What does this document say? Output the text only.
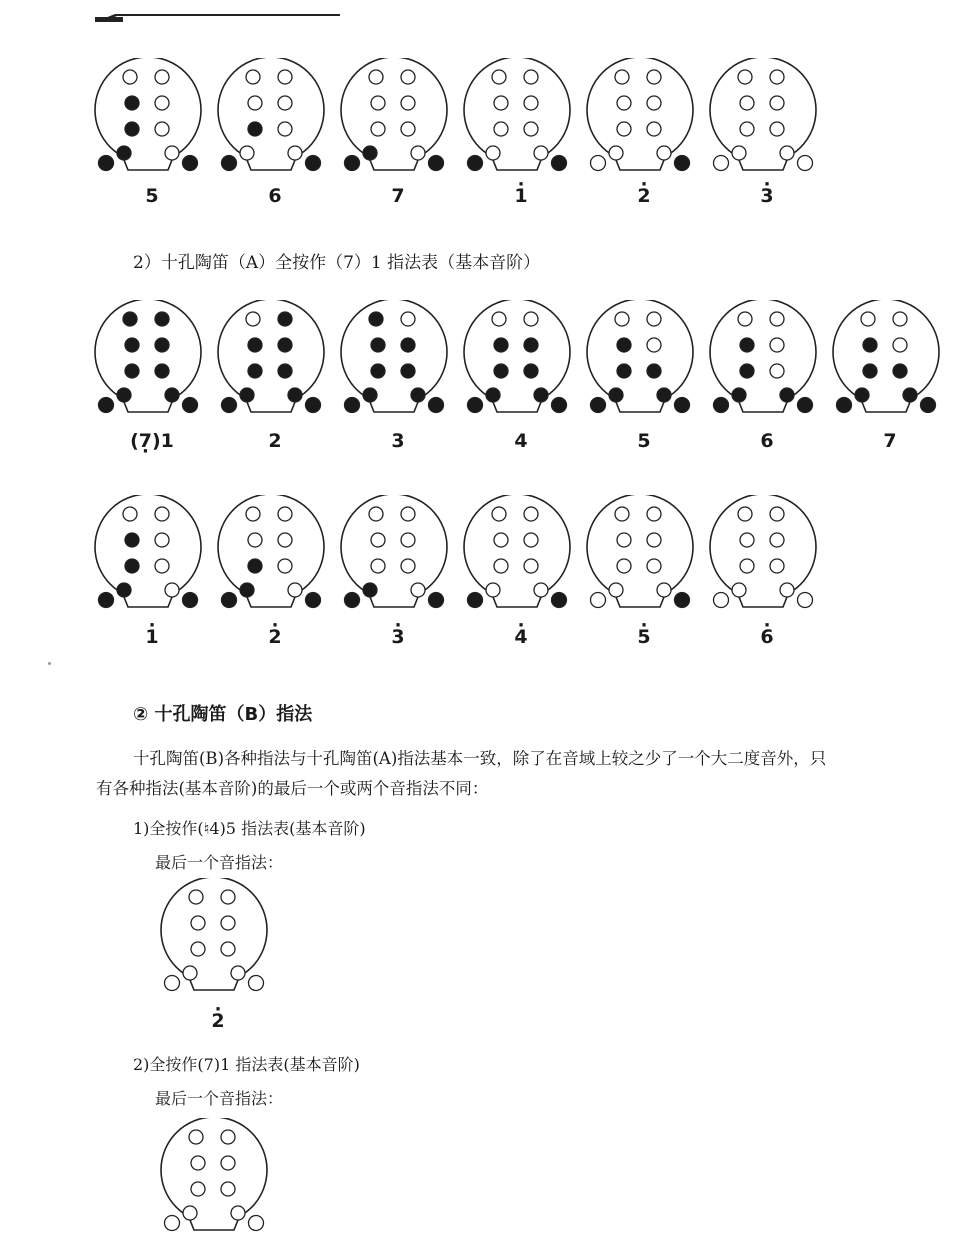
5	6	7	· 1	· 2	· 3
2）十孔陶笛（A）全按作（7）1 指法表（基本音阶）
(7 ·)1	2	3	4	5	6	7
· 1	· 2	· 3	· 4	· 5	· 6
② 十孔陶笛（B）指法
十孔陶笛(B)各种指法与十孔陶笛(A)指法基本一致，除了在音域上较之少了一个大二度音外，只
有各种指法(基本音阶)的最后一个或两个音指法不同：
1)全按作(♮4)5 指法表(基本音阶)
最后一个音指法：
· 2
2)全按作(7)1 指法表(基本音阶)
最后一个音指法：
